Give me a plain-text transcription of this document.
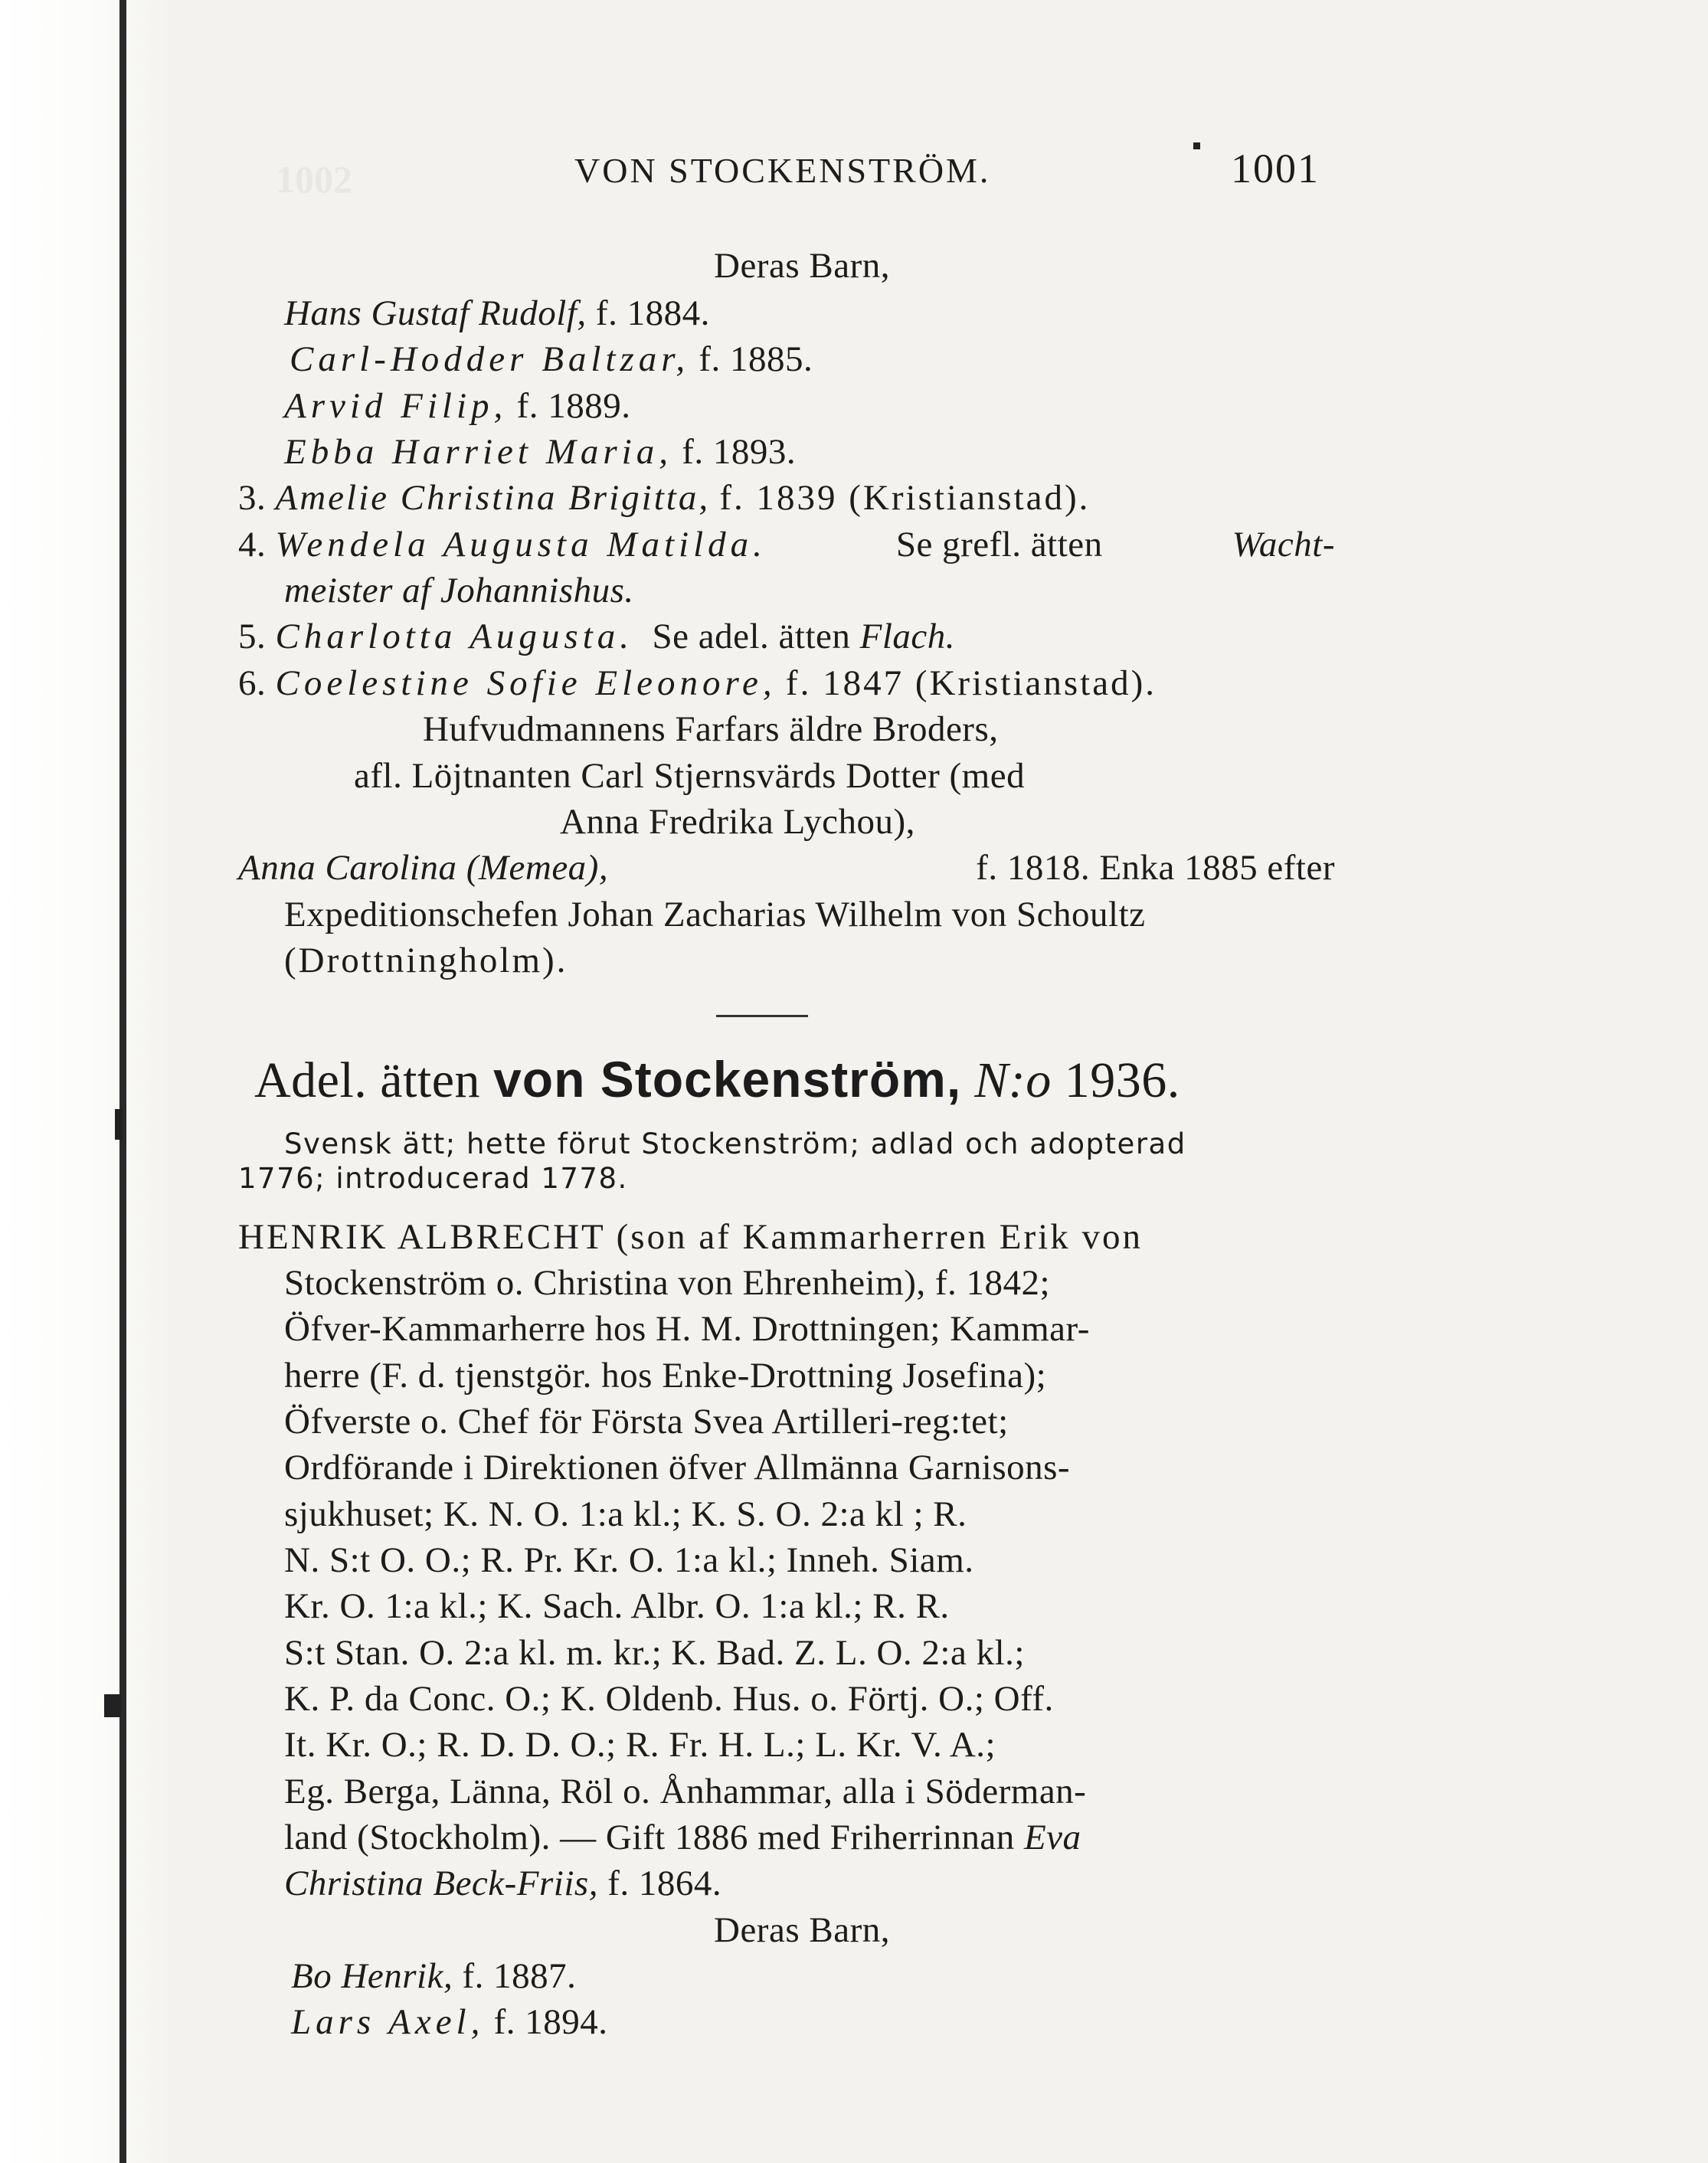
1002	VON STOCKENSTRÖM.	1001
Deras Barn,
Hans Gustaf Rudolf, f. 1884.
Carl-Hodder Baltzar, f. 1885.
Arvid Filip, f. 1889.
Ebba Harriet Maria, f. 1893.
3. Amelie Christina Brigitta, f. 1839 (Kristianstad).
4. Wendela Augusta Matilda.	Se grefl. ätten	Wacht-
meister af Johannishus.
5. Charlotta Augusta. Se adel. ätten Flach.
6. Coelestine Sofie Eleonore, f. 1847 (Kristianstad).
Hufvudmannens Farfars äldre Broders,
afl. Löjtnanten Carl Stjernsvärds Dotter (med
Anna Fredrika Lychou),
Anna Carolina (Memea),	f. 1818. Enka 1885 efter
Expeditionschefen Johan Zacharias Wilhelm von Schoultz
(Drottningholm).
Adel. ätten von Stockenström, N:o 1936.
Svensk ätt; hette förut Stockenström; adlad och adopterad
1776; introducerad 1778.
HENRIK ALBRECHT (son af Kammarherren Erik von
Stockenström o. Christina von Ehrenheim), f. 1842;
Öfver-Kammarherre hos H. M. Drottningen; Kammar-
herre (F. d. tjenstgör. hos Enke-Drottning Josefina);
Öfverste o. Chef för Första Svea Artilleri-reg:tet;
Ordförande i Direktionen öfver Allmänna Garnisons-
sjukhuset; K. N. O. 1:a kl.; K. S. O. 2:a kl ; R.
N. S:t O. O.; R. Pr. Kr. O. 1:a kl.; Inneh. Siam.
Kr. O. 1:a kl.; K. Sach. Albr. O. 1:a kl.; R. R.
S:t Stan. O. 2:a kl. m. kr.; K. Bad. Z. L. O. 2:a kl.;
K. P. da Conc. O.; K. Oldenb. Hus. o. Förtj. O.; Off.
It. Kr. O.; R. D. D. O.; R. Fr. H. L.; L. Kr. V. A.;
Eg. Berga, Länna, Röl o. Ånhammar, alla i Söderman-
land (Stockholm). — Gift 1886 med Friherrinnan Eva
Christina Beck-Friis, f. 1864.
Deras Barn,
Bo Henrik, f. 1887.
Lars Axel, f. 1894.
